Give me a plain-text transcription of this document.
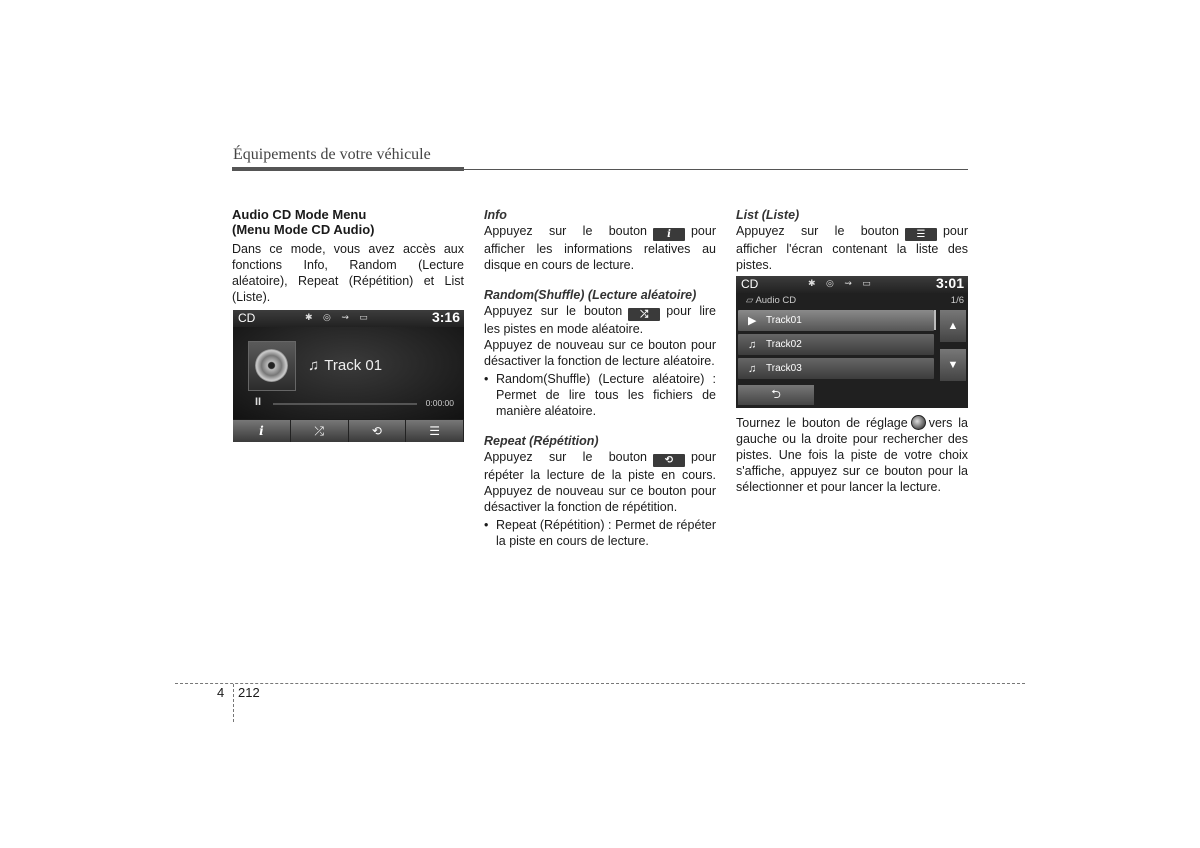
Équipements de votre véhicule

Audio CD Mode Menu

(Menu Mode CD Audio)

Dans ce mode, vous avez accès aux fonctions Info, Random (Lecture aléatoire), Repeat (Répétition) et List (Liste).

CD	✱ ◎ ⇝ ▭	3:16
♫ Track 01
II	0:00:00
i	⤮	⟲	☰

Info

Appuyez sur le bouton i pour afficher les informations relatives au disque en cours de lecture.

Random(Shuffle) (Lecture aléatoire)

Appuyez sur le bouton ⤮ pour lire les pistes en mode aléatoire.

Appuyez de nouveau sur ce bouton pour désactiver la fonction de lecture aléatoire.

• Random(Shuffle) (Lecture aléatoire) : Permet de lire tous les fichiers de manière aléatoire.

Repeat (Répétition)

Appuyez sur le bouton ⟲ pour répéter la lecture de la piste en cours. Appuyez de nouveau sur ce bouton pour désactiver la fonction de répétition.

• Repeat (Répétition) : Permet de répéter la piste en cours de lecture.

List (Liste)

Appuyez sur le bouton ☰ pour afficher l'écran contenant la liste des pistes.

CD	✱ ◎ ⇝ ▭	3:01
▱ Audio CD	1/6
▶ Track01
♫ Track02
♫ Track03
▲
▼
⮌

Tournez le bouton de réglage vers la gauche ou la droite pour rechercher des pistes. Une fois la piste de votre choix s'affiche, appuyez sur ce bouton pour la sélectionner et pour lancer la lecture.

4 212
